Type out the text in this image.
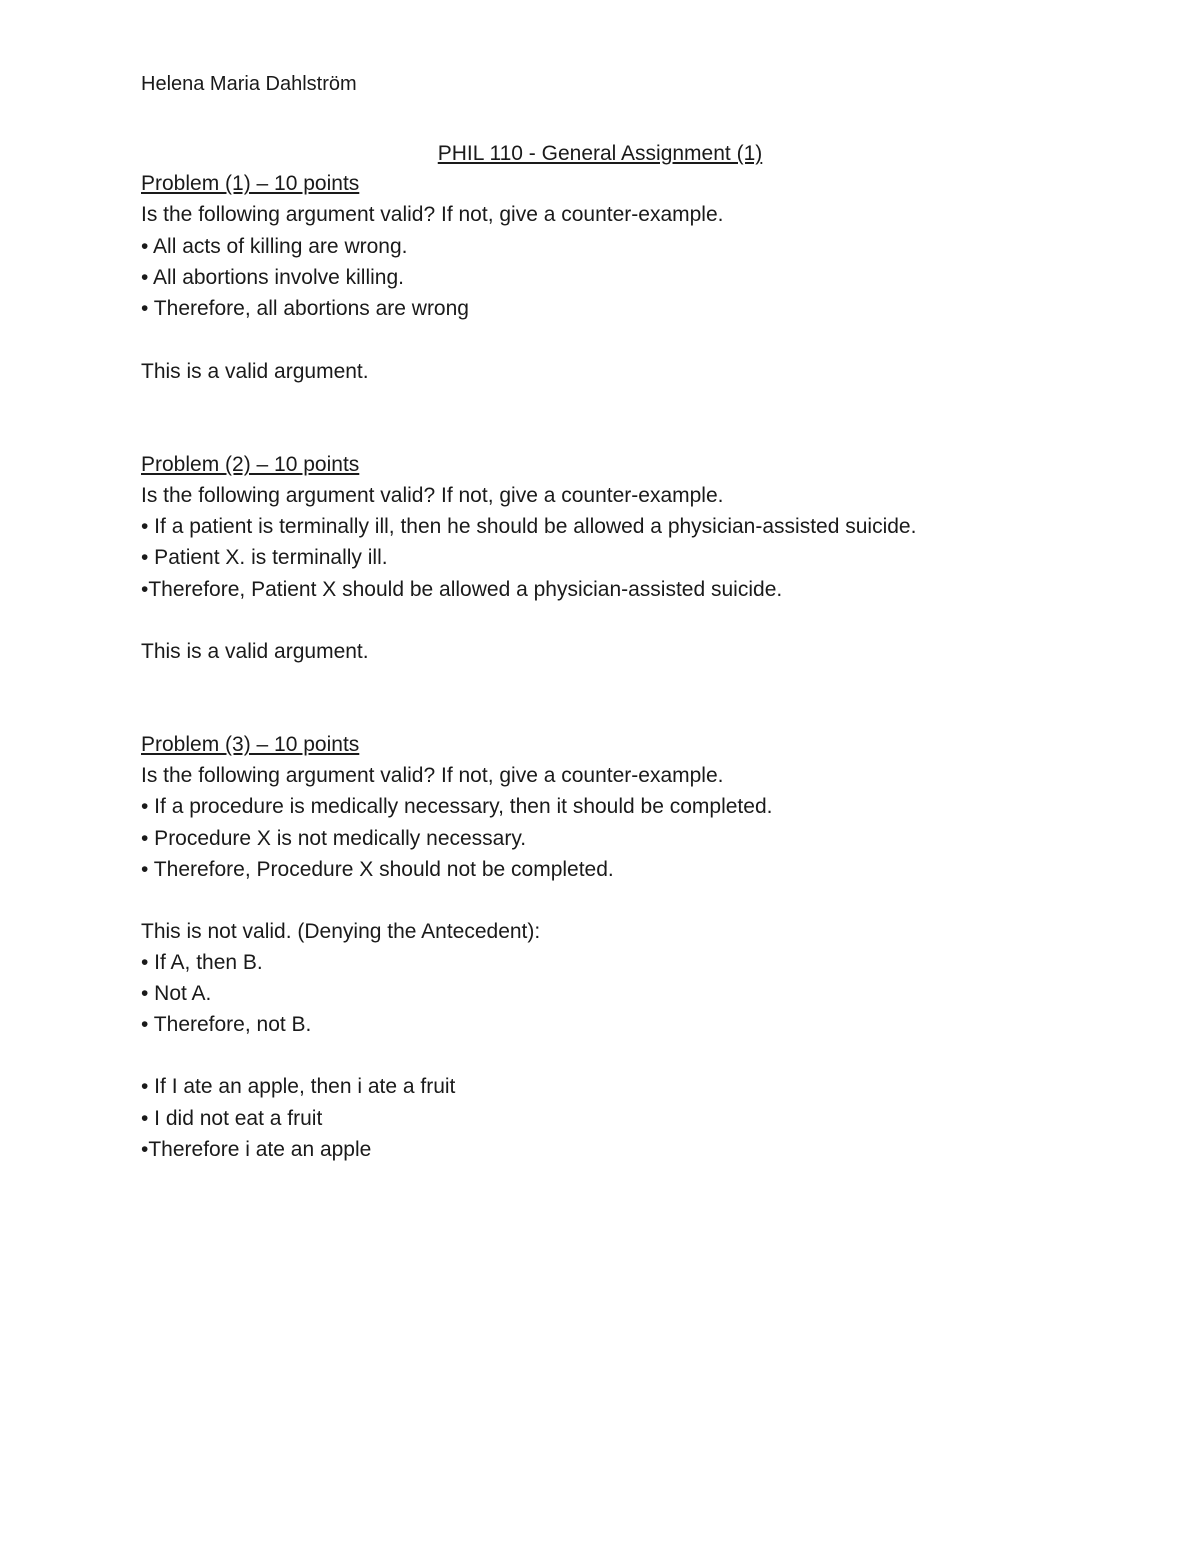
Helena Maria Dahlström
PHIL 110 - General Assignment (1)
Problem (1) – 10 points
Is the following argument valid? If not, give a counter-example.
• All acts of killing are wrong.
• All abortions involve killing.
• Therefore, all abortions are wrong
This is a valid argument.
Problem (2) – 10 points
Is the following argument valid? If not, give a counter-example.
• If a patient is terminally ill, then he should be allowed a physician-assisted suicide.
• Patient X. is terminally ill.
•Therefore, Patient X should be allowed a physician-assisted suicide.
This is a valid argument.
Problem (3) – 10 points
Is the following argument valid? If not, give a counter-example.
• If a procedure is medically necessary, then it should be completed.
• Procedure X is not medically necessary.
• Therefore, Procedure X should not be completed.
This is not valid. (Denying the Antecedent):
• If A, then B.
• Not A.
• Therefore, not B.
• If I ate an apple, then i ate a fruit
• I did not eat a fruit
•Therefore i ate an apple
